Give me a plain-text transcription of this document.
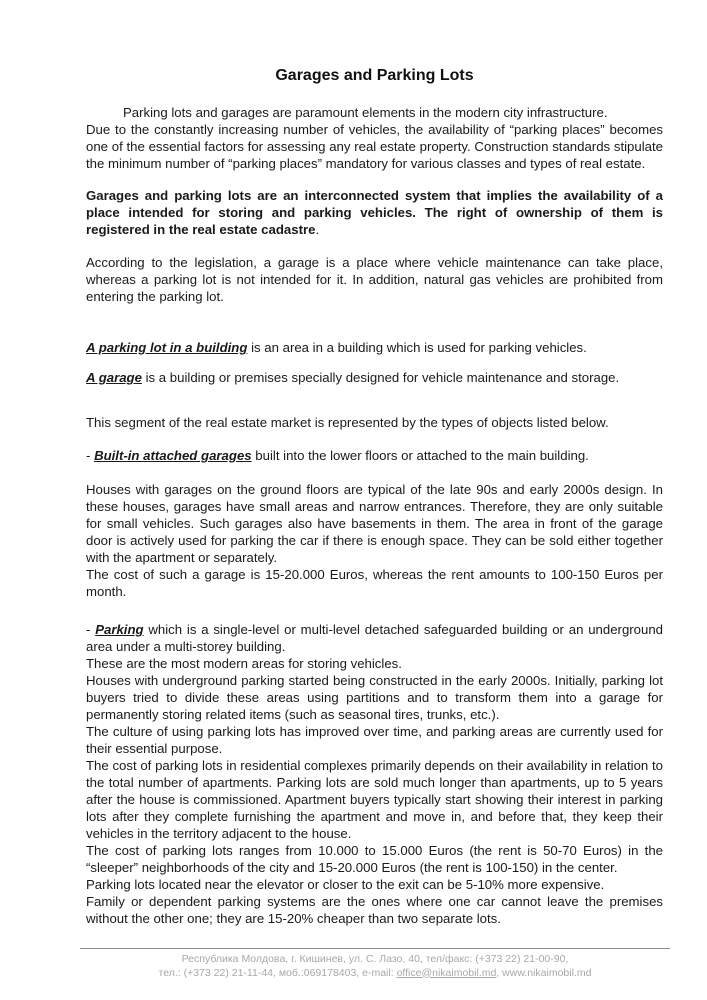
Garages and Parking Lots

Parking lots and garages are paramount elements in the modern city infrastructure.

Due to the constantly increasing number of vehicles, the availability of “parking places” becomes one of the essential factors for assessing any real estate property. Construction standards stipulate the minimum number of “parking places” mandatory for various classes and types of real estate.

Garages and parking lots are an interconnected system that implies the availability of a place intended for storing and parking vehicles. The right of ownership of them is registered in the real estate cadastre.

According to the legislation, a garage is a place where vehicle maintenance can take place, whereas a parking lot is not intended for it. In addition, natural gas vehicles are prohibited from entering the parking lot.

A parking lot in a building is an area in a building which is used for parking vehicles.

A garage is a building or premises specially designed for vehicle maintenance and storage.

This segment of the real estate market is represented by the types of objects listed below.

- Built-in attached garages built into the lower floors or attached to the main building.

Houses with garages on the ground floors are typical of the late 90s and early 2000s design. In these houses, garages have small areas and narrow entrances. Therefore, they are only suitable for small vehicles. Such garages also have basements in them. The area in front of the garage door is actively used for parking the car if there is enough space. They can be sold either together with the apartment or separately.

The cost of such a garage is 15-20.000 Euros, whereas the rent amounts to 100-150 Euros per month.

- Parking which is a single-level or multi-level detached safeguarded building or an underground area under a multi-storey building.

These are the most modern areas for storing vehicles.

Houses with underground parking started being constructed in the early 2000s. Initially, parking lot buyers tried to divide these areas using partitions and to transform them into a garage for permanently storing related items (such as seasonal tires, trunks, etc.).

The culture of using parking lots has improved over time, and parking areas are currently used for their essential purpose.

The cost of parking lots in residential complexes primarily depends on their availability in relation to the total number of apartments. Parking lots are sold much longer than apartments, up to 5 years after the house is commissioned. Apartment buyers typically start showing their interest in parking lots after they complete furnishing the apartment and move in, and before that, they keep their vehicles in the territory adjacent to the house.

The cost of parking lots ranges from 10.000 to 15.000 Euros (the rent is 50-70 Euros) in the “sleeper” neighborhoods of the city and 15-20.000 Euros (the rent is 100-150) in the center.

Parking lots located near the elevator or closer to the exit can be 5-10% more expensive.

Family or dependent parking systems are the ones where one car cannot leave the premises without the other one; they are 15-20% cheaper than two separate lots.

Республика Молдова, г. Кишинев, ул. С. Лазо, 40, тел/факс: (+373 22) 21-00-90,
тел.: (+373 22) 21-11-44, моб.:069178403, e-mail: office@nikaimobil.md, www.nikaimobil.md
